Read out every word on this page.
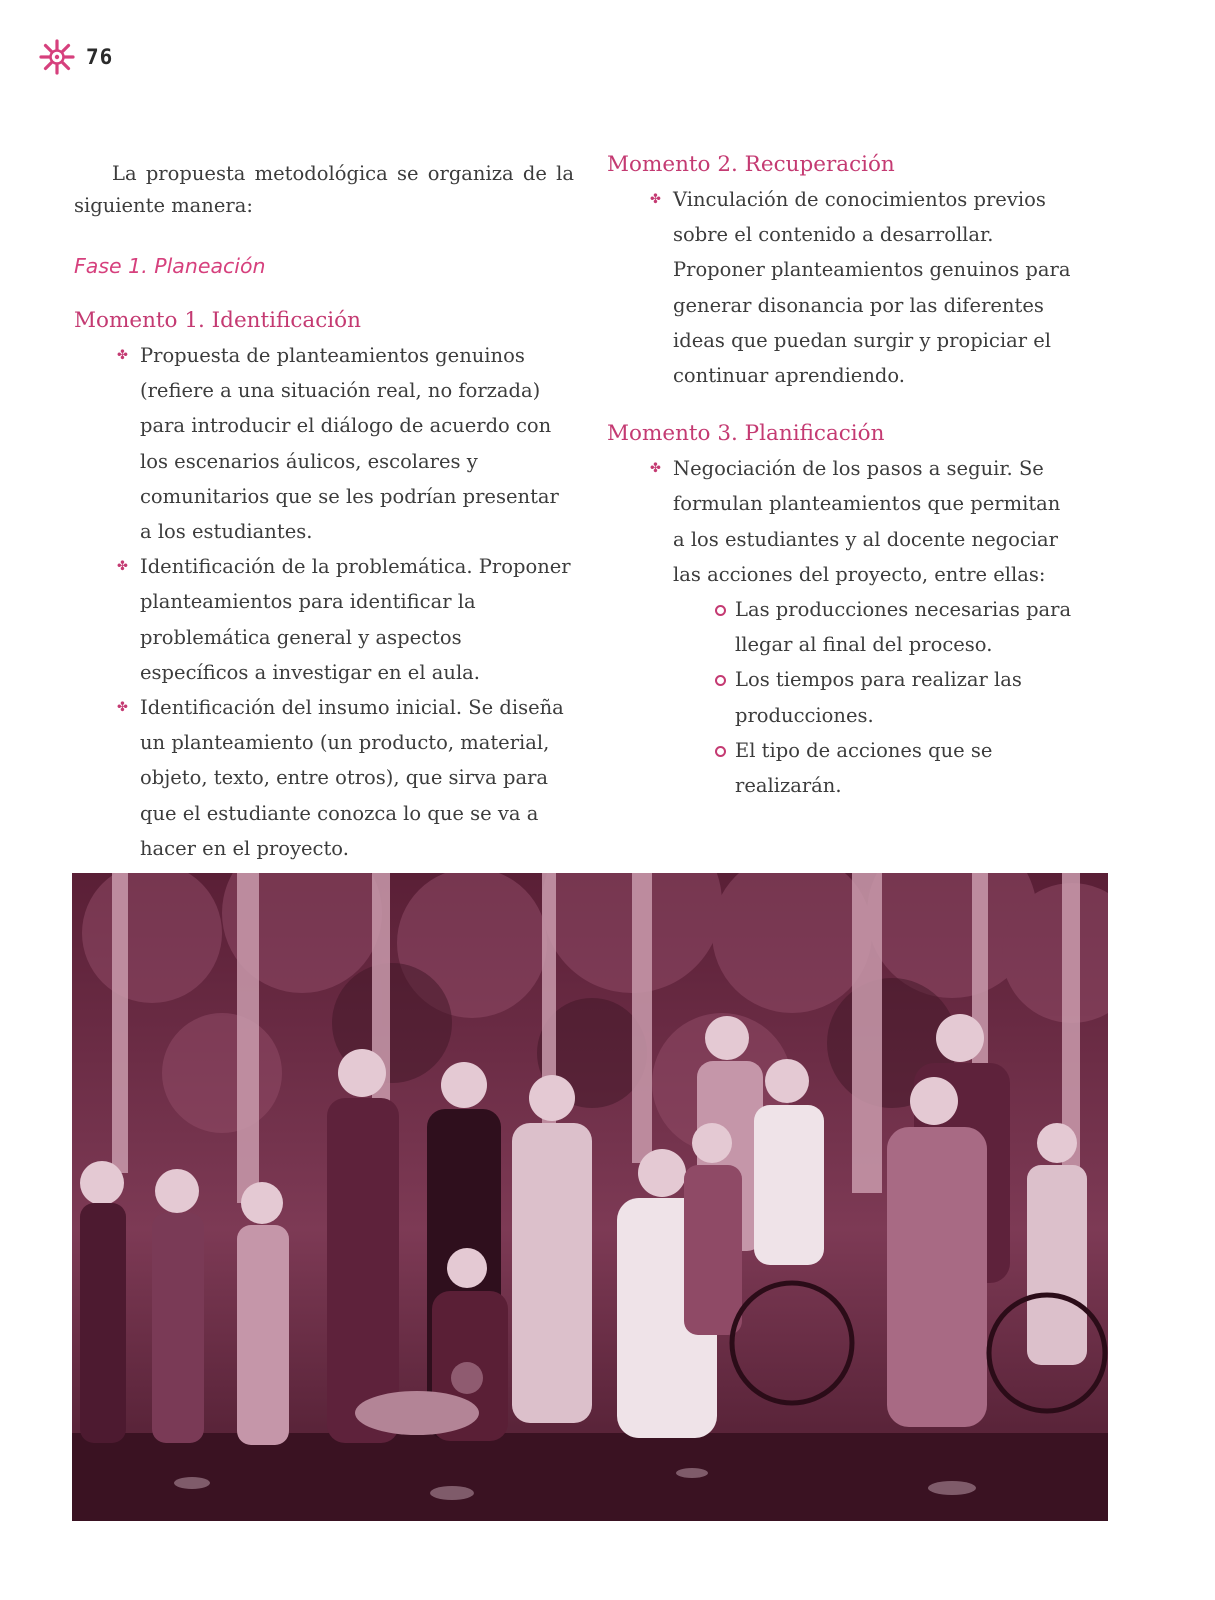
76

La propuesta metodológica se organiza de la siguiente manera:

Fase 1. Planeación
Momento 1. Identificación
✤ Propuesta de planteamientos genuinos (refiere a una situación real, no forzada) para introducir el diálogo de acuerdo con los escenarios áulicos, escolares y comunitarios que se les podrían presentar a los estudiantes.
✤ Identificación de la problemática. Proponer planteamientos para identificar la problemática general y aspectos específicos a investigar en el aula.
✤ Identificación del insumo inicial. Se diseña un planteamiento (un producto, material, objeto, texto, entre otros), que sirva para que el estudiante conozca lo que se va a hacer en el proyecto.
Momento 2. Recuperación
✤ Vinculación de conocimientos previos sobre el contenido a desarrollar. Proponer planteamientos genuinos para generar disonancia por las diferentes ideas que puedan surgir y propiciar el continuar aprendiendo.
Momento 3. Planificación
✤ Negociación de los pasos a seguir. Se formulan planteamientos que permitan a los estudiantes y al docente negociar las acciones del proyecto, entre ellas:
Las producciones necesarias para llegar al final del proceso.
Los tiempos para realizar las producciones.
El tipo de acciones que se realizarán.
